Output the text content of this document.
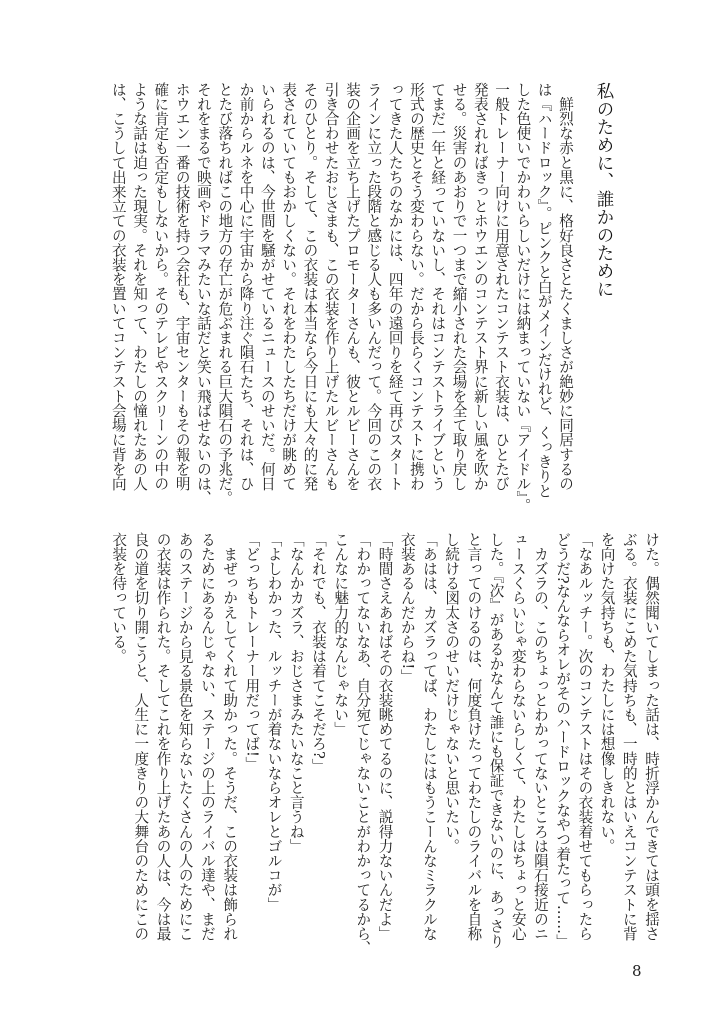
私のために、誰かのために
　鮮烈な赤と黒に、格好良さとたくましさが絶妙に同居するの
は『ハードロック』。ピンクと白がメインだけれど、くっきりと
した色使いでかわいらしいだけには納まっていない『アイドル』。
一般トレーナー向けに用意されたコンテスト衣装は、ひとたび
発表されればきっとホウエンのコンテスト界に新しい風を吹か
せる。災害のあおりで一つまで縮小された会場を全て取り戻し
てまだ一年と経っていないし、それはコンテストライブという
形式の歴史とそう変わらない。だから長らくコンテストに携わ
ってきた人たちのなかには、四年の遠回りを経て再びスタート
ラインに立った段階と感じる人も多いんだって。今回のこの衣
装の企画を立ち上げたプロモーターさんも、彼とルビーさんを
引き合わせたおじさまも、この衣装を作り上げたルビーさんも
そのひとり。そして、この衣装は本当なら今日にも大々的に発
表されていてもおかしくない。それをわたしたちだけが眺めて
いられるのは、今世間を騒がせているニュースのせいだ。何日
か前からルネを中心に宇宙から降り注ぐ隕石たち、それは、ひ
とたび落ちればこの地方の存亡が危ぶまれる巨大隕石の予兆だ。
それをまるで映画やドラマみたいな話だと笑い飛ばせないのは、
ホウエン一番の技術を持つ会社も、宇宙センターもその報を明
確に肯定も否定もしないから。そのテレビやスクリーンの中の
ような話は迫った現実。それを知って、わたしの憧れたあの人
は、こうして出来立ての衣装を置いてコンテスト会場に背を向
けた。偶然聞いてしまった話は、時折浮かんできては頭を揺さ
ぶる。衣装にこめた気持ちも、一時的とはいえコンテストに背
を向けた気持ちも、わたしには想像しきれない。
「なあルッチー。次のコンテストはその衣装着せてもらったら
どうだ?なんならオレがそのハードロックなやつ着たって……」
　カズラの、このちょっとわかってないところは隕石接近のニ
ュースくらいじゃ変わらないらしくて、わたしはちょっと安心
した。『次』があるかなんて誰にも保証できないのに、あっさり
と言ってのけるのは、何度負けたってわたしのライバルを自称
し続ける図太さのせいだけじゃないと思いたい。
「あはは、カズラってば、わたしにはもうこーんなミラクルな
衣装あるんだからね!」
「時間さえあればその衣装眺めてるのに、説得力ないんだよ」
「わかってないなあ、自分宛てじゃないことがわかってるから、
こんなに魅力的なんじゃない」
「それでも、衣装は着てこそだろ?」
「なんかカズラ、おじさまみたいなこと言うね」
「よしわかった、ルッチーが着ないならオレとゴルコが」
「どっちもトレーナー用だってば!」
　まぜっかえしてくれて助かった。そうだ、この衣装は飾られ
るためにあるんじゃない、ステージの上のライバル達や、まだ
あのステージから見る景色を知らないたくさんの人のためにこ
の衣装は作られた。そしてこれを作り上げたあの人は、今は最
良の道を切り開こうと、人生に一度きりの大舞台のためにこの
衣装を待っている。
8
